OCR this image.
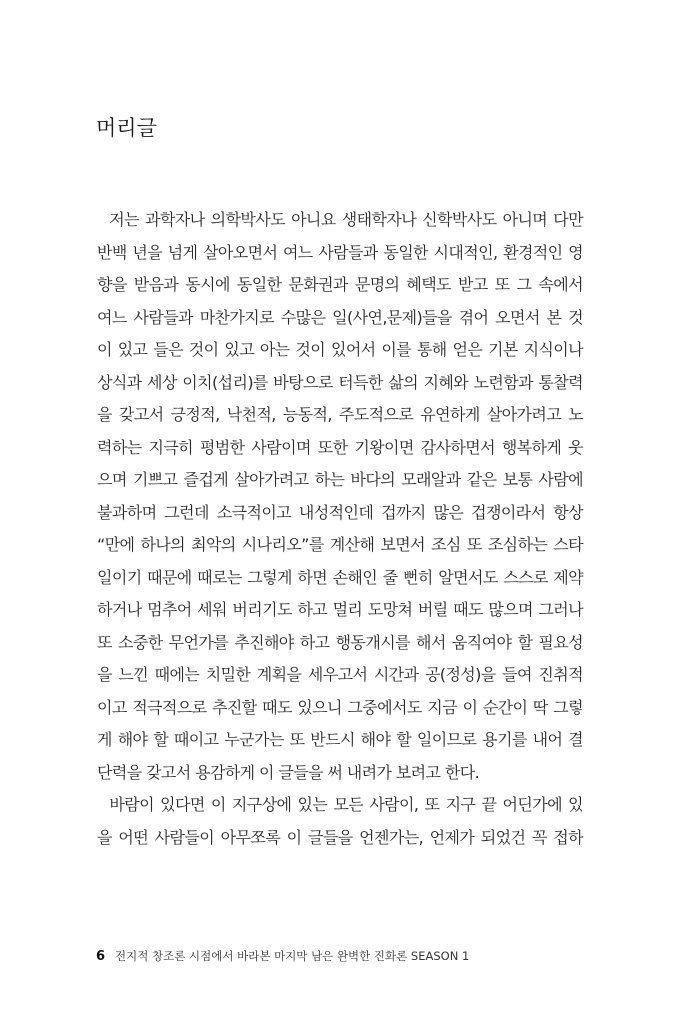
머리글
저는 과학자나 의학박사도 아니요 생태학자나 신학박사도 아니며 다만
반백 년을 넘게 살아오면서 여느 사람들과 동일한 시대적인, 환경적인 영
향을 받음과 동시에 동일한 문화권과 문명의 혜택도 받고 또 그 속에서
여느 사람들과 마찬가지로 수많은 일(사연,문제)들을 겪어 오면서 본 것
이 있고 들은 것이 있고 아는 것이 있어서 이를 통해 얻은 기본 지식이나
상식과 세상 이치(섭리)를 바탕으로 터득한 삶의 지혜와 노련함과 통찰력
을 갖고서 긍정적, 낙천적, 능동적, 주도적으로 유연하게 살아가려고 노
력하는 지극히 평범한 사람이며 또한 기왕이면 감사하면서 행복하게 웃
으며 기쁘고 즐겁게 살아가려고 하는 바다의 모래알과 같은 보통 사람에
불과하며 그런데 소극적이고 내성적인데 겁까지 많은 겁쟁이라서 항상
“만에 하나의 최악의 시나리오”를 계산해 보면서 조심 또 조심하는 스타
일이기 때문에 때로는 그렇게 하면 손해인 줄 뻔히 알면서도 스스로 제약
하거나 멈추어 세워 버리기도 하고 멀리 도망쳐 버릴 때도 많으며 그러나
또 소중한 무언가를 추진해야 하고 행동개시를 해서 움직여야 할 필요성
을 느낀 때에는 치밀한 계획을 세우고서 시간과 공(정성)을 들여 진취적
이고 적극적으로 추진할 때도 있으니 그중에서도 지금 이 순간이 딱 그렇
게 해야 할 때이고 누군가는 또 반드시 해야 할 일이므로 용기를 내어 결
단력을 갖고서 용감하게 이 글들을 써 내려가 보려고 한다.
바람이 있다면 이 지구상에 있는 모든 사람이, 또 지구 끝 어딘가에 있
을 어떤 사람들이 아무쪼록 이 글들을 언젠가는, 언제가 되었건 꼭 접하
6 전지적 창조론 시점에서 바라본 마지막 남은 완벽한 진화론 SEASON 1
